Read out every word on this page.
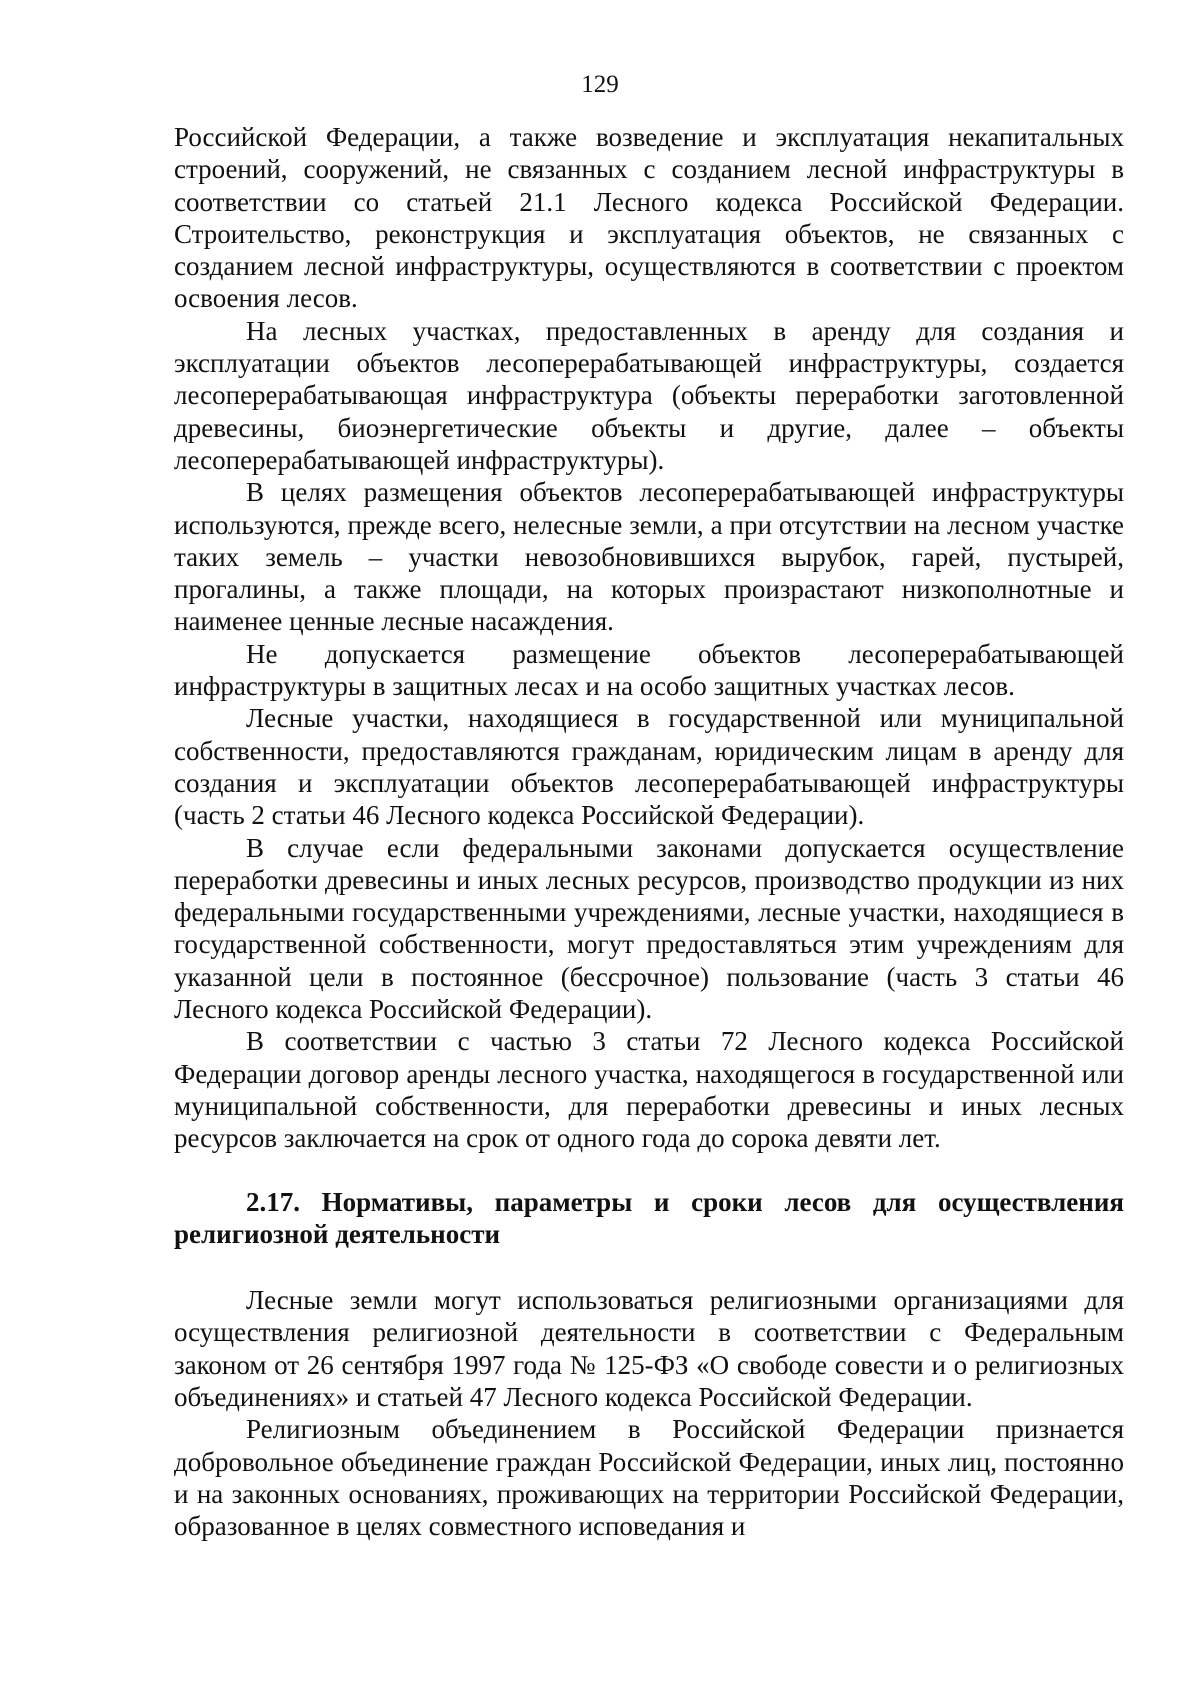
129

Российской Федерации, а также возведение и эксплуатация некапитальных строений, сооружений, не связанных с созданием лесной инфраструктуры в соответствии со статьей 21.1 Лесного кодекса Российской Федерации. Строительство, реконструкция и эксплуатация объектов, не связанных с созданием лесной инфраструктуры, осуществляются в соответствии с проектом освоения лесов.

На лесных участках, предоставленных в аренду для создания и эксплуатации объектов лесоперерабатывающей инфраструктуры, создается лесоперерабатывающая инфраструктура (объекты переработки заготовленной древесины, биоэнергетические объекты и другие, далее – объекты лесоперерабатывающей инфраструктуры).

В целях размещения объектов лесоперерабатывающей инфраструктуры используются, прежде всего, нелесные земли, а при отсутствии на лесном участке таких земель – участки невозобновившихся вырубок, гарей, пустырей, прогалины, а также площади, на которых произрастают низкополнотные и наименее ценные лесные насаждения.

Не допускается размещение объектов лесоперерабатывающей инфраструктуры в защитных лесах и на особо защитных участках лесов.

Лесные участки, находящиеся в государственной или муниципальной собственности, предоставляются гражданам, юридическим лицам в аренду для создания и эксплуатации объектов лесоперерабатывающей инфраструктуры (часть 2 статьи 46 Лесного кодекса Российской Федерации).

В случае если федеральными законами допускается осуществление переработки древесины и иных лесных ресурсов, производство продукции из них федеральными государственными учреждениями, лесные участки, находящиеся в государственной собственности, могут предоставляться этим учреждениям для указанной цели в постоянное (бессрочное) пользование (часть 3 статьи 46 Лесного кодекса Российской Федерации).

В соответствии с частью 3 статьи 72 Лесного кодекса Российской Федерации договор аренды лесного участка, находящегося в государственной или муниципальной собственности, для переработки древесины и иных лесных ресурсов заключается на срок от одного года до сорока девяти лет.

2.17. Нормативы, параметры и сроки лесов для осуществления религиозной деятельности

Лесные земли могут использоваться религиозными организациями для осуществления религиозной деятельности в соответствии с Федеральным законом от 26 сентября 1997 года № 125-ФЗ «О свободе совести и о религиозных объединениях» и статьей 47 Лесного кодекса Российской Федерации.

Религиозным объединением в Российской Федерации признается добровольное объединение граждан Российской Федерации, иных лиц, постоянно и на законных основаниях, проживающих на территории Российской Федерации, образованное в целях совместного исповедания и
